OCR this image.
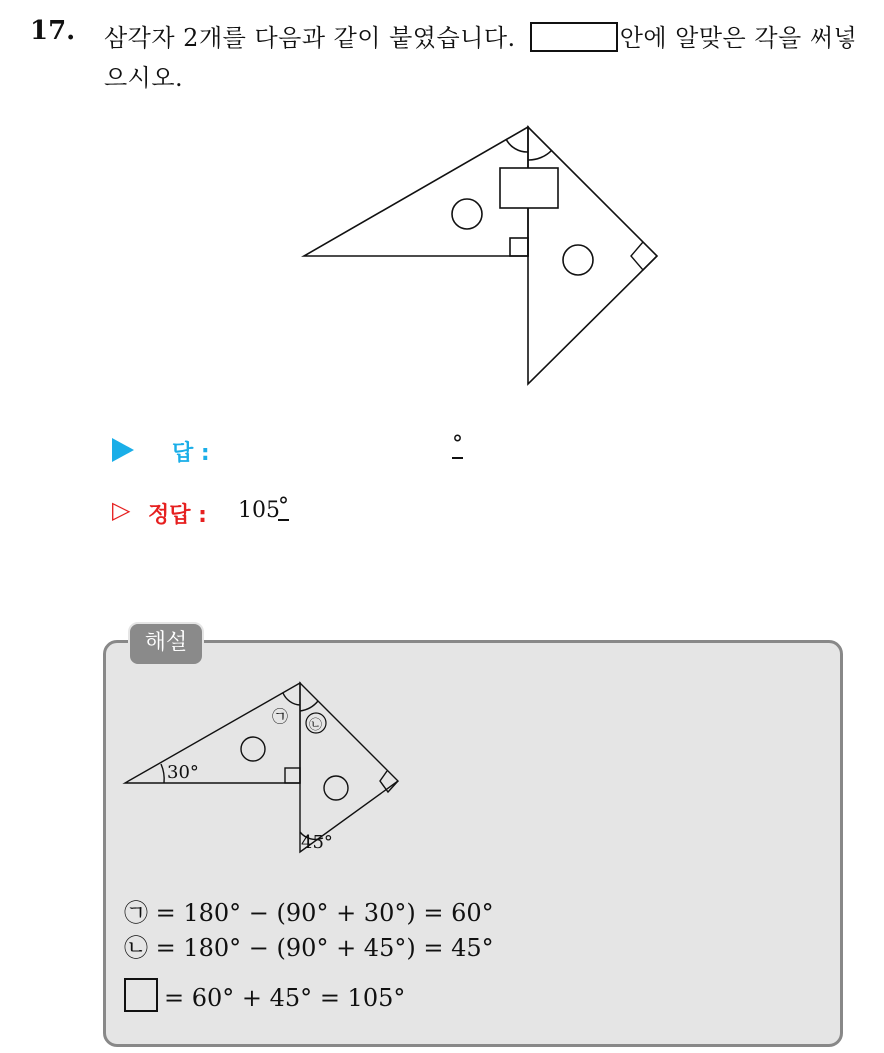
17. 삼각자 2개를 다음과 같이 붙였습니다.	안에 알맞은 각을 써넣으시오.
답 :	°
▷ 정답 : 105
°
해설
㉠ ㉡
30°
45°
㉠ = 180° − (90° + 30°) = 60°
㉡ = 180° − (90° + 45°) = 45°
= 60° + 45° = 105°
